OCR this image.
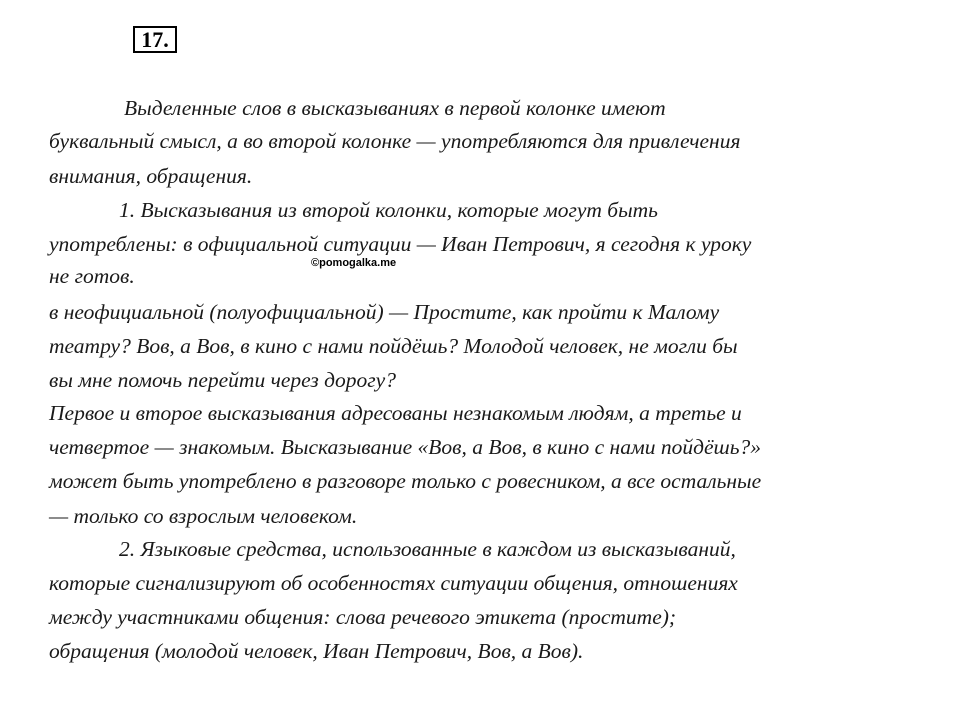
17.
©pomogalka.me
Выделенные слов в высказываниях в первой колонке имеют
буквальный смысл, а во второй колонке — употребляются для привлечения
внимания, обращения.
1. Высказывания из второй колонки, которые могут быть
употреблены: в официальной ситуации — Иван Петрович, я сегодня к уроку
не готов.
в неофициальной (полуофициальной) — Простите, как пройти к Малому
театру? Вов, а Вов, в кино с нами пойдёшь? Молодой человек, не могли бы
вы мне помочь перейти через дорогу?
Первое и второе высказывания адресованы незнакомым людям, а третье и
четвертое — знакомым. Высказывание «Вов, а Вов, в кино с нами пойдёшь?»
может быть употреблено в разговоре только с ровесником, а все остальные
— только со взрослым человеком.
2. Языковые средства, использованные в каждом из высказываний,
которые сигнализируют об особенностях ситуации общения, отношениях
между участниками общения: слова речевого этикета (простите);
обращения (молодой человек, Иван Петрович, Вов, а Вов).
